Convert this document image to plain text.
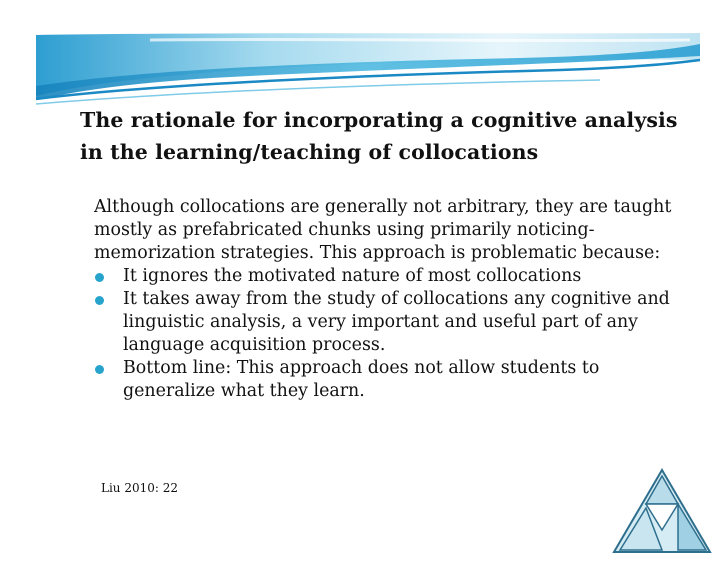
The rationale for incorporating a cognitive analysis in the learning/teaching of collocations

Although collocations are generally not arbitrary, they are taught mostly as prefabricated chunks using primarily noticing-memorization strategies. This approach is problematic because:

It ignores the motivated nature of most collocations
It takes away from the study of collocations any cognitive and linguistic analysis, a very important and useful part of any language acquisition process.
Bottom line: This approach does not allow students to generalize what they learn.
Liu 2010: 22
